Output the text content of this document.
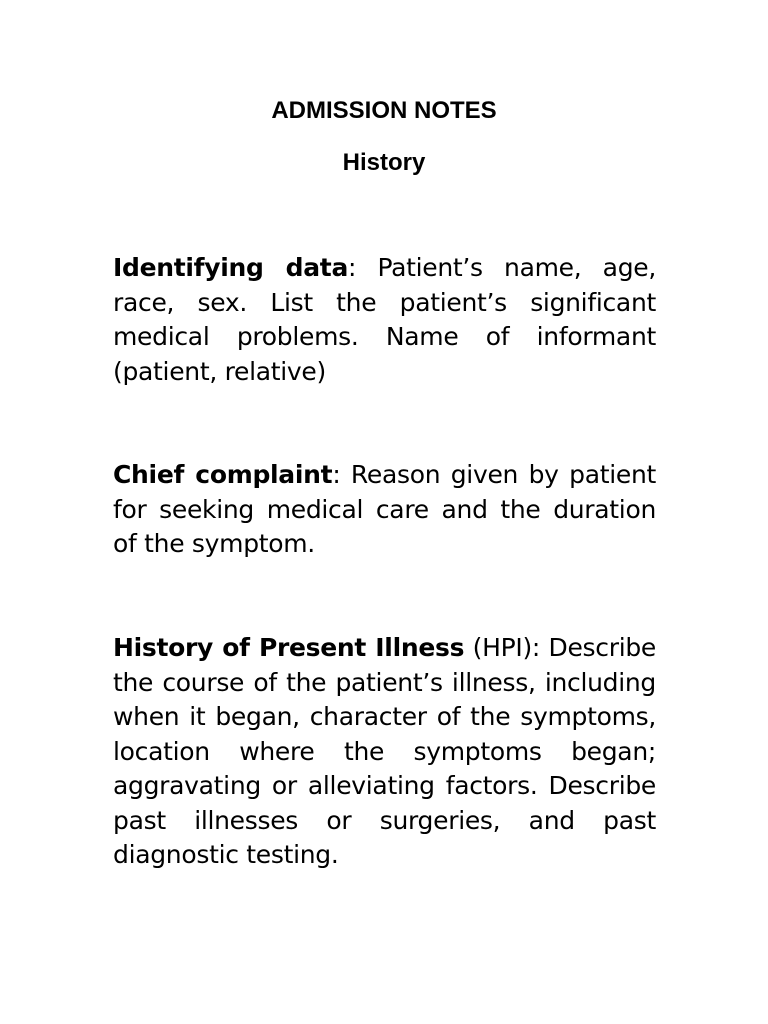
ADMISSION NOTES
History

Identifying data: Patient’s name, age, race, sex. List the patient’s significant medical problems. Name of informant (patient, relative)

Chief complaint: Reason given by patient for seeking medical care and the duration of the symptom.

History of Present Illness (HPI): Describe the course of the patient’s illness, including when it began, character of the symptoms, location where the symptoms began; aggravating or alleviating factors. Describe past illnesses or surgeries, and past diagnostic testing.
